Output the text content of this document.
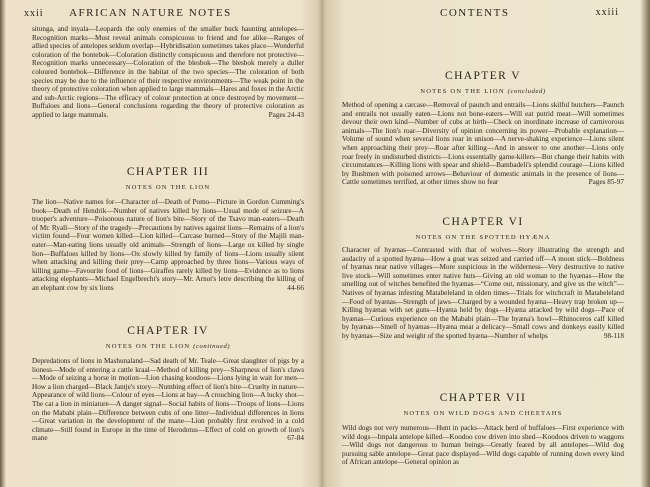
xxii AFRICAN NATURE NOTES
situnga, and inyala—Leopards the only enemies of the smaller buck haunting antelopes—Recognition marks—Must reveal animals conspicuous to friend and foe alike—Ranges of allied species of antelopes seldom overlap—Hybridisation sometimes takes place—Wonderful coloration of the bontebok—Coloration distinctly conspicuous and therefore not protective—Recognition marks unnecessary—Coloration of the blesbok—The blesbok merely a duller coloured bontebok—Difference in the habitat of the two species—The coloration of both species may be due to the influence of their respective environments—The weak point in the theory of protective coloration when applied to large mammals—Hares and foxes in the Arctic and sub-Arctic regions—The efficacy of colour protection at once destroyed by movement—Buffaloes and lions—General conclusions regarding the theory of protective coloration as applied to large mammals.	Pages 24-43
CHAPTER III
NOTES ON THE LION
The lion—Native names for—Character of—Death of Pomo—Picture in Gordon Cumming's book—Death of Hendrik—Number of natives killed by lions—Usual mode of seizure—A trooper's adventure—Poisonous nature of lion's bite—Story of the Tsavo man-eaters—Death of Mr. Ryall—Story of the tragedy—Precautions by natives against lions—Remains of a lion's victim found—Four women killed—Lion killed—Carcase burned—Story of the Majili man-eater—Man-eating lions usually old animals—Strength of lions—Large ox killed by single lion—Buffaloes killed by lions—Ox slowly killed by family of lions—Lions usually silent when attacking and killing their prey—Camp approached by three lions—Various ways of killing game—Favourite food of lions—Giraffes rarely killed by lions—Evidence as to lions attacking elephants—Michael Engelbrecht's story—Mr. Arnot's letre describing the killing of an elephant cow by six lions	44-66
CHAPTER IV
NOTES ON THE LION (continued)
Depredations of lions in Mashunaland—Sad death of Mr. Teale—Great slaughter of pigs by a lioness—Mode of entering a cattle kraal—Method of killing prey—Sharpness of lion's claws—Mode of seizing a horse in motion—Lion chasing koodoos—Lions lying in wait for men—How a lion charged—Black Jantje's story—Numbing effect of lion's bite—Cruelty in nature—Appearance of wild lions—Colour of eyes—Lions at bay—A crouching lion—A lucky shot—The cat a lion in miniature—A danger signal—Social habits of lions—Troops of lions—Lions on the Mababi plain—Difference between cubs of one litter—Individual differences in lions—Great variation in the development of the mane—Lion probably first evolved in a cold climate—Still found in Europe in the time of Herodotus—Effect of cold on growth of lion's mane	67-84
CONTENTS	xxiii
CHAPTER V
NOTES ON THE LION (concluded)
Method of opening a carcase—Removal of paunch and entrails—Lions skilful butchers—Paunch and entrails not usually eaten—Lions not bone-eaters—Will eat putrid meat—Will sometimes devour their own kind—Number of cubs at birth—Check on inordinate increase of carnivorous animals—The lion's roar—Diversity of opinion concerning its power—Probable explanation—Volume of sound when several lions roar in unison—A nerve-shaking experience—Lions silent when approaching their prey—Roar after killing—And in answer to one another—Lions only roar freely in undisturbed districts—Lions essentially game-killers—But change their habits with circumstances—Killing lions with spear and shield—Bambadeli's splendid courage—Lions killed by Bushmen with poisoned arrows—Behaviour of domestic animals in the presence of lions—Cattle sometimes terrified, at other times show no fear	Pages 85-97
CHAPTER VI
NOTES ON THE SPOTTED HYÆNA
Character of hyænas—Contrasted with that of wolves—Story illustrating the strength and audacity of a spotted hyæna—How a goat was seized and carried off—A moon stick—Boldness of hyænas near native villages—More suspicious in the wilderness—Very destructive to native live stock—Will sometimes enter native huts—Giving an old woman to the hyænas—How the smelling out of witches benefited the hyænas—“Come out, missionary, and give us the witch”—Natives of hyænas infesting Matabeleland in olden times—Trials for witchcraft in Matabeleland—Food of hyænas—Strength of jaws—Charged by a wounded hyæna—Heavy trap broken up—Killing hyænas with set guns—Hyæna held by dogs—Hyæna attacked by wild dogs—Pace of hyænas—Curious experience on the Mababi plain—The hyæna's howl—Rhinoceros calf killed by hyænas—Smell of hyænas—Hyæna meat a delicacy—Small cows and donkeys easily killed by hyænas—Size and weight of the spotted hyæna—Number of whelps	98-118
CHAPTER VII
NOTES ON WILD DOGS AND CHEETAHS
Wild dogs not very numerous—Hunt in packs—Attack herd of buffaloes—First experience with wild dogs—Impala antelope killed—Koodoo cow driven into shed—Koodoos driven to waggons—Wild dogs not dangerous to human beings—Greatly feared by all antelopes—Wild dog pursuing sable antelope—Great pace displayed—Wild dogs capable of running down every kind of African antelope—General opinion as
